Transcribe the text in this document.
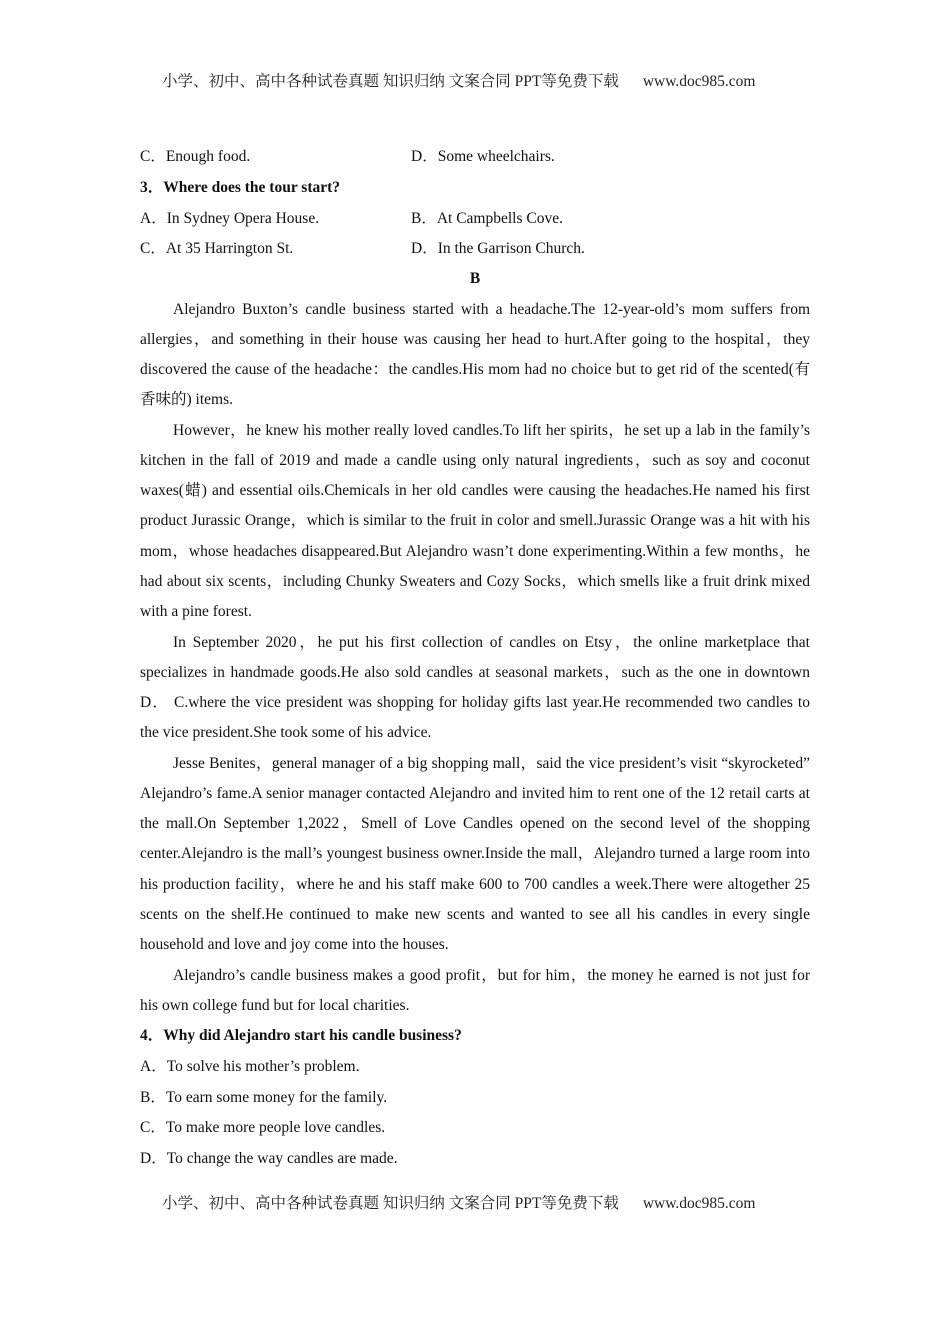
小学、初中、高中各种试卷真题 知识归纳 文案合同 PPT等免费下载 www.doc985.com
C．Enough food.	D．Some wheelchairs.
3．Where does the tour start?
A．In Sydney Opera House.	B．At Campbells Cove.
C．At 35 Harrington St.	D．In the Garrison Church.
B

Alejandro Buxton’s candle business started with a headache.The 12-year-old’s mom suffers from allergies，and something in their house was causing her head to hurt.After going to the hospital，they discovered the cause of the headache：the candles.His mom had no choice but to get rid of the scented(有香味的) items.

However，he knew his mother really loved candles.To lift her spirits，he set up a lab in the family’s kitchen in the fall of 2019 and made a candle using only natural ingredients，such as soy and coconut waxes(蜡) and essential oils.Chemicals in her old candles were causing the headaches.He named his first product Jurassic Orange，which is similar to the fruit in color and smell.Jurassic Orange was a hit with his mom，whose headaches disappeared.But Alejandro wasn’t done experimenting.Within a few months，he had about six scents，including Chunky Sweaters and Cozy Socks，which smells like a fruit drink mixed with a pine forest.

In September 2020，he put his first collection of candles on Etsy，the online marketplace that specializes in handmade goods.He also sold candles at seasonal markets，such as the one in downtown D． C.where the vice president was shopping for holiday gifts last year.He recommended two candles to the vice president.She took some of his advice.

Jesse Benites，general manager of a big shopping mall，said the vice president’s visit “skyrocketed” Alejandro’s fame.A senior manager contacted Alejandro and invited him to rent one of the 12 retail carts at the mall.On September 1,2022，Smell of Love Candles opened on the second level of the shopping center.Alejandro is the mall’s youngest business owner.Inside the mall，Alejandro turned a large room into his production facility，where he and his staff make 600 to 700 candles a week.There were altogether 25 scents on the shelf.He continued to make new scents and wanted to see all his candles in every single household and love and joy come into the houses.

Alejandro’s candle business makes a good profit，but for him，the money he earned is not just for his own college fund but for local charities.

4．Why did Alejandro start his candle business?
A．To solve his mother’s problem.
B．To earn some money for the family.
C．To make more people love candles.
D．To change the way candles are made.
小学、初中、高中各种试卷真题 知识归纳 文案合同 PPT等免费下载 www.doc985.com
